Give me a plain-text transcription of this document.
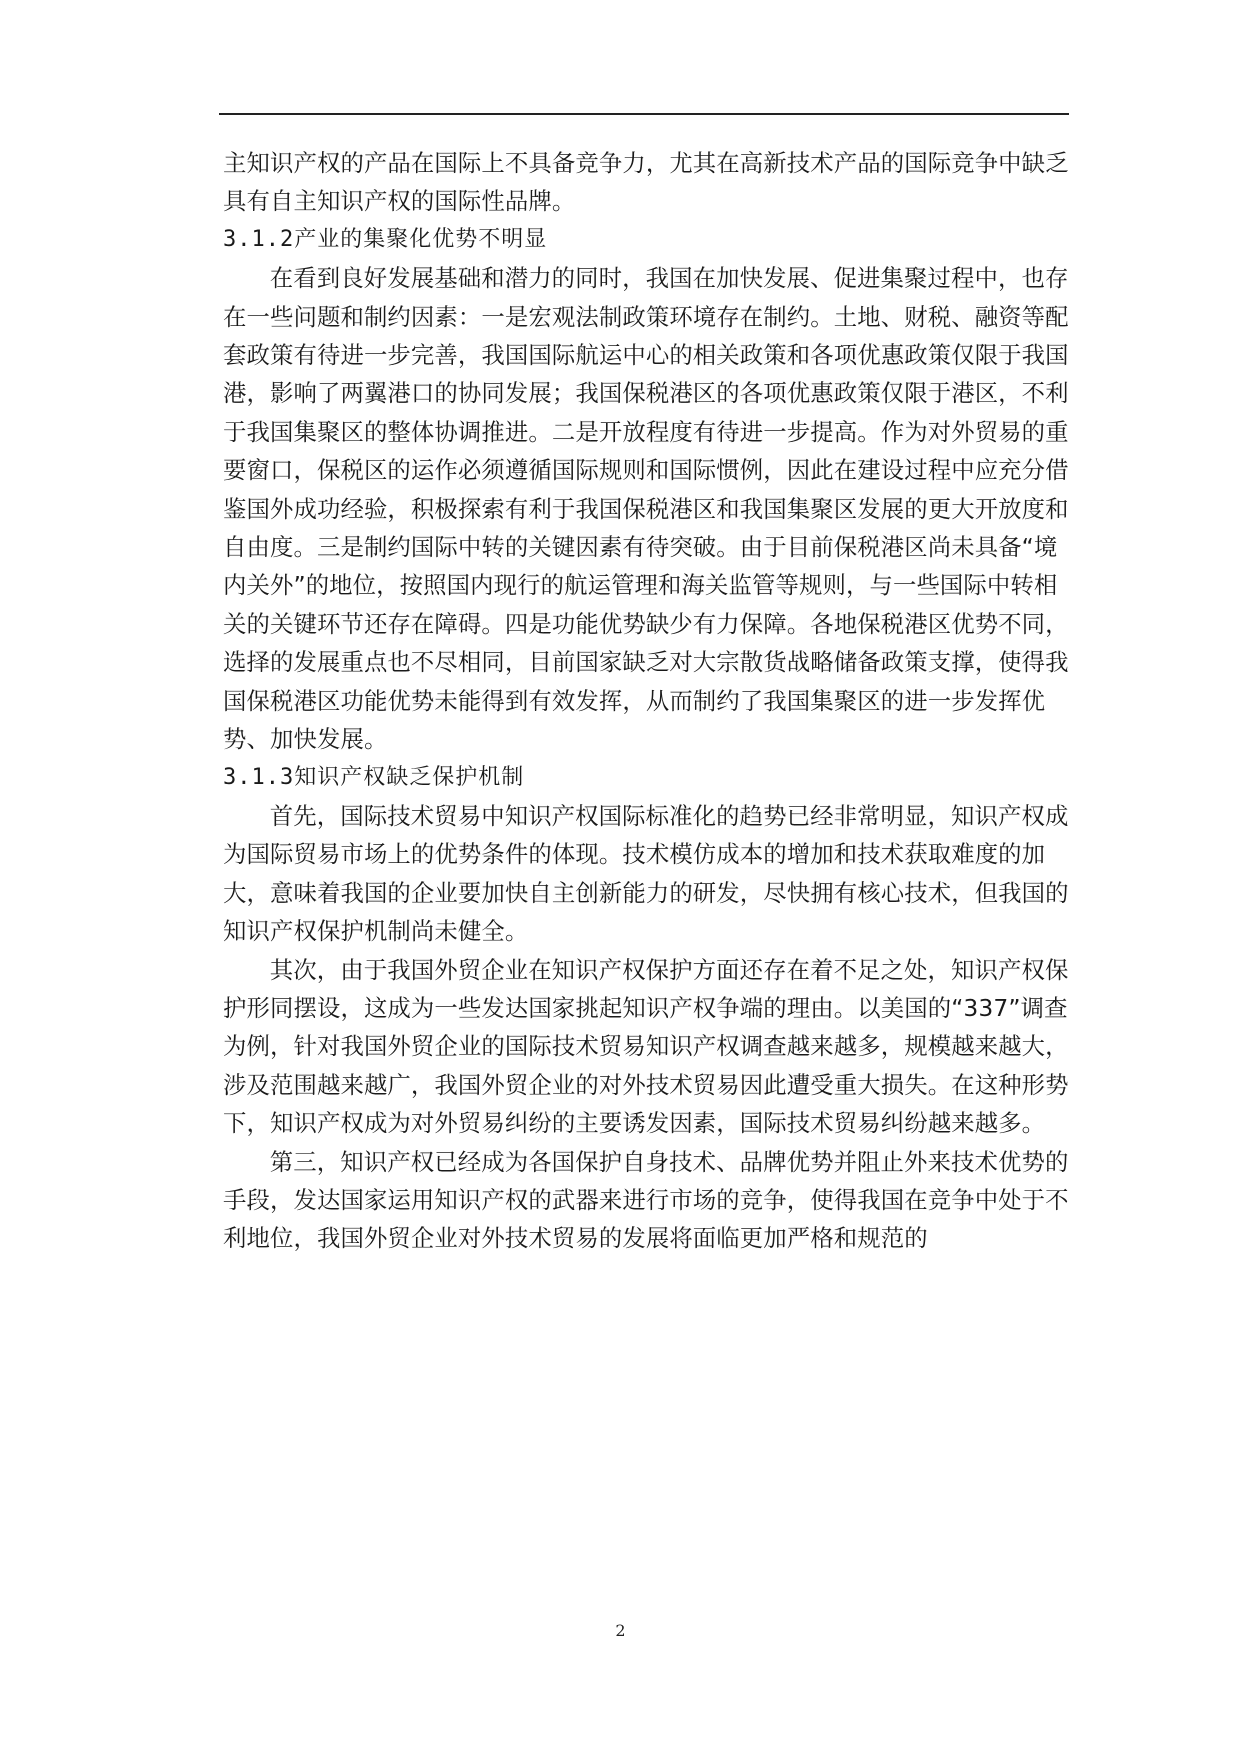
主知识产权的产品在国际上不具备竞争力，尤其在高新技术产品的国际竞争中缺乏具有自主知识产权的国际性品牌。

3.1.2产业的集聚化优势不明显

在看到良好发展基础和潜力的同时，我国在加快发展、促进集聚过程中，也存在一些问题和制约因素：一是宏观法制政策环境存在制约。土地、财税、融资等配套政策有待进一步完善，我国国际航运中心的相关政策和各项优惠政策仅限于我国港，影响了两翼港口的协同发展；我国保税港区的各项优惠政策仅限于港区，不利于我国集聚区的整体协调推进。二是开放程度有待进一步提高。作为对外贸易的重要窗口，保税区的运作必须遵循国际规则和国际惯例，因此在建设过程中应充分借鉴国外成功经验，积极探索有利于我国保税港区和我国集聚区发展的更大开放度和自由度。三是制约国际中转的关键因素有待突破。由于目前保税港区尚未具备“境内关外”的地位，按照国内现行的航运管理和海关监管等规则，与一些国际中转相关的关键环节还存在障碍。四是功能优势缺少有力保障。各地保税港区优势不同，选择的发展重点也不尽相同，目前国家缺乏对大宗散货战略储备政策支撑，使得我国保税港区功能优势未能得到有效发挥，从而制约了我国集聚区的进一步发挥优势、加快发展。

3.1.3知识产权缺乏保护机制

首先，国际技术贸易中知识产权国际标准化的趋势已经非常明显，知识产权成为国际贸易市场上的优势条件的体现。技术模仿成本的增加和技术获取难度的加大，意味着我国的企业要加快自主创新能力的研发，尽快拥有核心技术，但我国的知识产权保护机制尚未健全。

其次，由于我国外贸企业在知识产权保护方面还存在着不足之处，知识产权保护形同摆设，这成为一些发达国家挑起知识产权争端的理由。以美国的“337”调查为例，针对我国外贸企业的国际技术贸易知识产权调查越来越多，规模越来越大，涉及范围越来越广，我国外贸企业的对外技术贸易因此遭受重大损失。在这种形势下，知识产权成为对外贸易纠纷的主要诱发因素，国际技术贸易纠纷越来越多。

第三，知识产权已经成为各国保护自身技术、品牌优势并阻止外来技术优势的手段，发达国家运用知识产权的武器来进行市场的竞争，使得我国在竞争中处于不利地位，我国外贸企业对外技术贸易的发展将面临更加严格和规范的

2
